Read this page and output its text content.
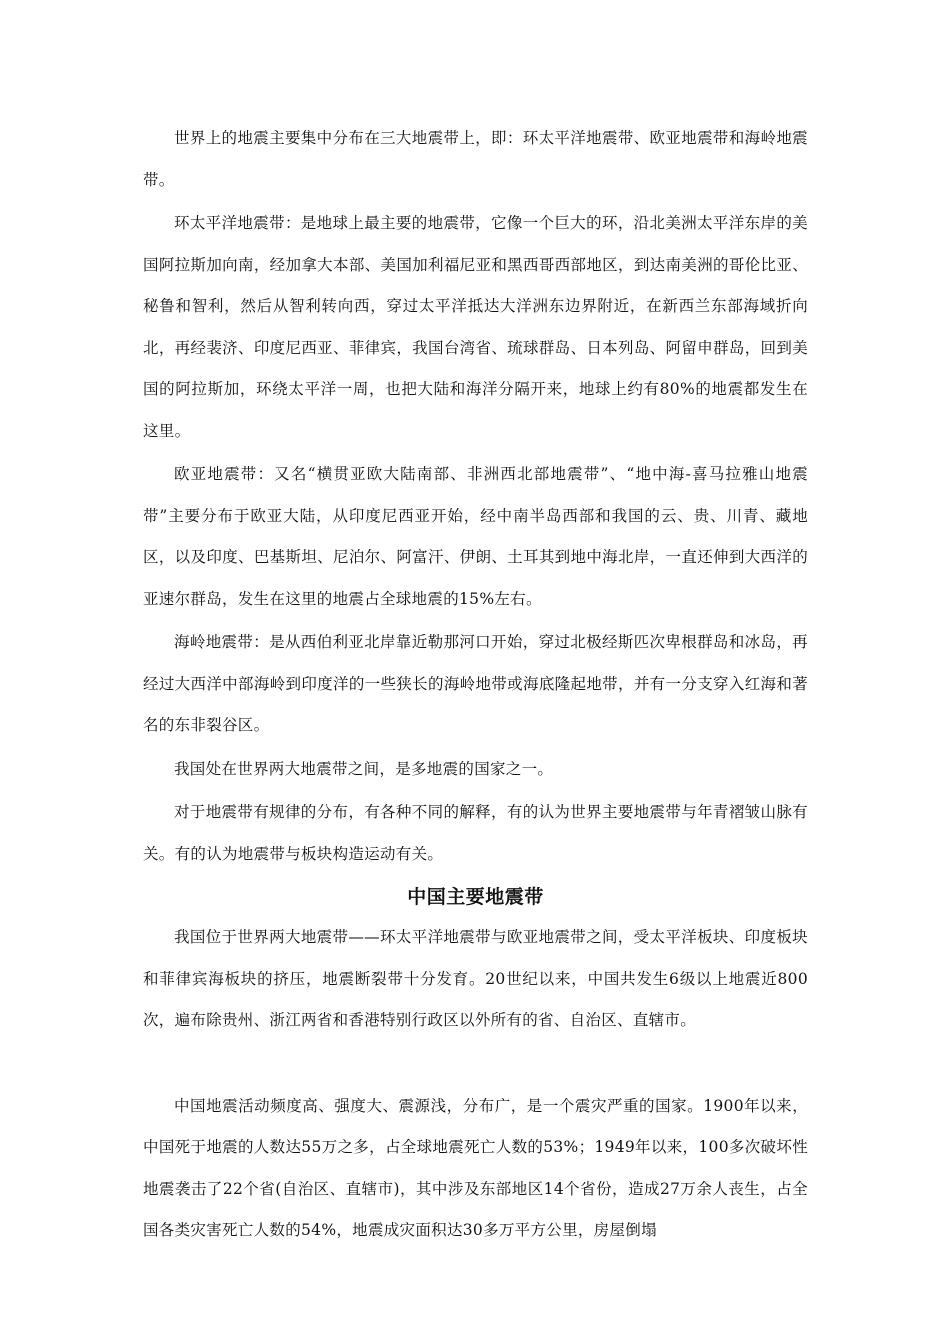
世界上的地震主要集中分布在三大地震带上，即：环太平洋地震带、欧亚地震带和海岭地震带。

环太平洋地震带：是地球上最主要的地震带，它像一个巨大的环，沿北美洲太平洋东岸的美国阿拉斯加向南，经加拿大本部、美国加利福尼亚和黑西哥西部地区，到达南美洲的哥伦比亚、秘鲁和智利，然后从智利转向西，穿过太平洋抵达大洋洲东边界附近，在新西兰东部海域折向北，再经裴济、印度尼西亚、菲律宾，我国台湾省、琉球群岛、日本列岛、阿留申群岛，回到美国的阿拉斯加，环绕太平洋一周，也把大陆和海洋分隔开来，地球上约有80%的地震都发生在这里。

欧亚地震带：又名“横贯亚欧大陆南部、非洲西北部地震带”、“地中海-喜马拉雅山地震带”主要分布于欧亚大陆，从印度尼西亚开始，经中南半岛西部和我国的云、贵、川青、藏地区，以及印度、巴基斯坦、尼泊尔、阿富汗、伊朗、土耳其到地中海北岸，一直还伸到大西洋的亚速尔群岛，发生在这里的地震占全球地震的15%左右。

海岭地震带：是从西伯利亚北岸靠近勒那河口开始，穿过北极经斯匹次卑根群岛和冰岛，再经过大西洋中部海岭到印度洋的一些狭长的海岭地带或海底隆起地带，并有一分支穿入红海和著名的东非裂谷区。

我国处在世界两大地震带之间，是多地震的国家之一。

对于地震带有规律的分布，有各种不同的解释，有的认为世界主要地震带与年青褶皱山脉有关。有的认为地震带与板块构造运动有关。

中国主要地震带

我国位于世界两大地震带——环太平洋地震带与欧亚地震带之间，受太平洋板块、印度板块和菲律宾海板块的挤压，地震断裂带十分发育。20世纪以来，中国共发生6级以上地震近800次，遍布除贵州、浙江两省和香港特别行政区以外所有的省、自治区、直辖市。

中国地震活动频度高、强度大、震源浅，分布广，是一个震灾严重的国家。1900年以来，中国死于地震的人数达55万之多，占全球地震死亡人数的53%；1949年以来，100多次破坏性地震袭击了22个省(自治区、直辖市)，其中涉及东部地区14个省份，造成27万余人丧生，占全国各类灾害死亡人数的54%，地震成灾面积达30多万平方公里，房屋倒塌
